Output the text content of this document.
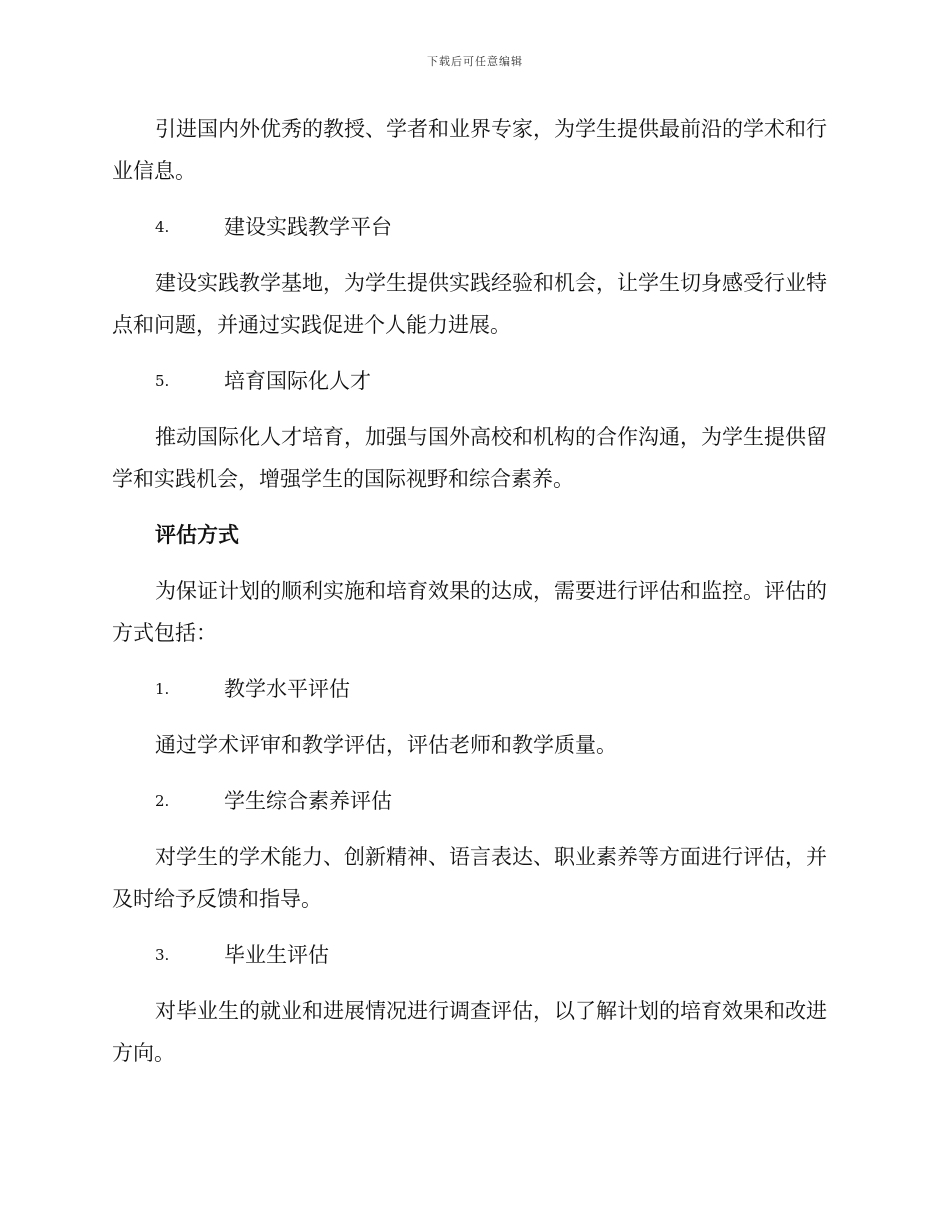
下载后可任意编辑

引进国内外优秀的教授、学者和业界专家，为学生提供最前沿的学术和行业信息。

4.	建设实践教学平台

建设实践教学基地，为学生提供实践经验和机会，让学生切身感受行业特点和问题，并通过实践促进个人能力进展。

5.	培育国际化人才

推动国际化人才培育，加强与国外高校和机构的合作沟通，为学生提供留学和实践机会，增强学生的国际视野和综合素养。

评估方式

为保证计划的顺利实施和培育效果的达成，需要进行评估和监控。评估的方式包括：

1.	教学水平评估

通过学术评审和教学评估，评估老师和教学质量。

2.	学生综合素养评估

对学生的学术能力、创新精神、语言表达、职业素养等方面进行评估，并及时给予反馈和指导。

3.	毕业生评估

对毕业生的就业和进展情况进行调查评估，以了解计划的培育效果和改进方向。
